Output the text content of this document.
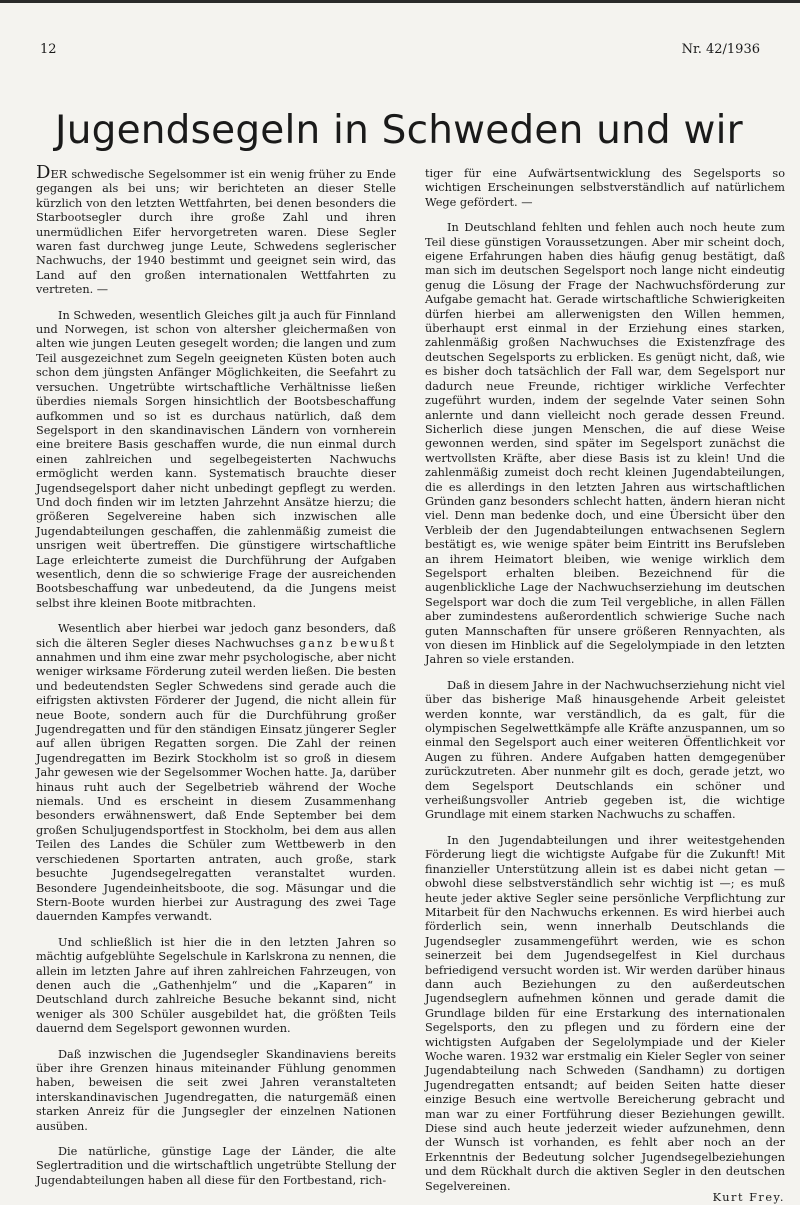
12	Nr. 42/1936
Jugendsegeln in Schweden und wir

DER schwedische Segelsommer ist ein wenig früher zu Ende gegangen als bei uns; wir berichteten an dieser Stelle kürzlich von den letzten Wettfahrten, bei denen besonders die Starbootsegler durch ihre große Zahl und ihren unermüdlichen Eifer hervorgetreten waren. Diese Segler waren fast durchweg junge Leute, Schwedens seglerischer Nachwuchs, der 1940 bestimmt und geeignet sein wird, das Land auf den großen internationalen Wettfahrten zu vertreten. —

In Schweden, wesentlich Gleiches gilt ja auch für Finnland und Norwegen, ist schon von altersher gleichermaßen von alten wie jungen Leuten gesegelt worden; die langen und zum Teil ausgezeichnet zum Segeln geeigneten Küsten boten auch schon dem jüngsten Anfänger Möglichkeiten, die Seefahrt zu versuchen. Ungetrübte wirtschaftliche Verhältnisse ließen überdies niemals Sorgen hinsichtlich der Bootsbeschaffung aufkommen und so ist es durchaus natürlich, daß dem Segelsport in den skandinavischen Ländern von vornherein eine breitere Basis geschaffen wurde, die nun einmal durch einen zahlreichen und segelbegeisterten Nachwuchs ermöglicht werden kann. Systematisch brauchte dieser Jugendsegelsport daher nicht unbedingt gepflegt zu werden. Und doch finden wir im letzten Jahrzehnt Ansätze hierzu; die größeren Segelvereine haben sich inzwischen alle Jugendabteilungen geschaffen, die zahlenmäßig zumeist die unsrigen weit übertreffen. Die günstigere wirtschaftliche Lage erleichterte zumeist die Durchführung der Aufgaben wesentlich, denn die so schwierige Frage der ausreichenden Bootsbeschaffung war unbedeutend, da die Jungens meist selbst ihre kleinen Boote mitbrachten.

Wesentlich aber hierbei war jedoch ganz besonders, daß sich die älteren Segler dieses Nachwuchses ganz bewußt annahmen und ihm eine zwar mehr psychologische, aber nicht weniger wirksame Förderung zuteil werden ließen. Die besten und bedeutendsten Segler Schwedens sind gerade auch die eifrigsten aktivsten Förderer der Jugend, die nicht allein für neue Boote, sondern auch für die Durchführung großer Jugendregatten und für den ständigen Einsatz jüngerer Segler auf allen übrigen Regatten sorgen. Die Zahl der reinen Jugendregatten im Bezirk Stockholm ist so groß in diesem Jahr gewesen wie der Segelsommer Wochen hatte. Ja, darüber hinaus ruht auch der Segelbetrieb während der Woche niemals. Und es erscheint in diesem Zusammenhang besonders erwähnenswert, daß Ende September bei dem großen Schuljugendsportfest in Stockholm, bei dem aus allen Teilen des Landes die Schüler zum Wettbewerb in den verschiedenen Sportarten antraten, auch große, stark besuchte Jugendsegelregatten veranstaltet wurden. Besondere Jugendeinheitsboote, die sog. Mäsungar und die Stern-Boote wurden hierbei zur Austragung des zwei Tage dauernden Kampfes verwandt.

Und schließlich ist hier die in den letzten Jahren so mächtig aufgeblühte Segelschule in Karlskrona zu nennen, die allein im letzten Jahre auf ihren zahlreichen Fahrzeugen, von denen auch die „Gathenhjelm“ und die „Kaparen“ in Deutschland durch zahlreiche Besuche bekannt sind, nicht weniger als 300 Schüler ausgebildet hat, die größten Teils dauernd dem Segelsport gewonnen wurden.

Daß inzwischen die Jugendsegler Skandinaviens bereits über ihre Grenzen hinaus miteinander Fühlung genommen haben, beweisen die seit zwei Jahren veranstalteten interskandinavischen Jugendregatten, die naturgemäß einen starken Anreiz für die Jungsegler der einzelnen Nationen ausüben.

Die natürliche, günstige Lage der Länder, die alte Seglertradition und die wirtschaftlich ungetrübte Stellung der Jugendabteilungen haben all diese für den Fortbestand, rich-

tiger für eine Aufwärtsentwicklung des Segelsports so wichtigen Erscheinungen selbstverständlich auf natürlichem Wege gefördert. —

In Deutschland fehlten und fehlen auch noch heute zum Teil diese günstigen Voraussetzungen. Aber mir scheint doch, eigene Erfahrungen haben dies häufig genug bestätigt, daß man sich im deutschen Segelsport noch lange nicht eindeutig genug die Lösung der Frage der Nachwuchsförderung zur Aufgabe gemacht hat. Gerade wirtschaftliche Schwierigkeiten dürfen hierbei am allerwenigsten den Willen hemmen, überhaupt erst einmal in der Erziehung eines starken, zahlenmäßig großen Nachwuchses die Existenzfrage des deutschen Segelsports zu erblicken. Es genügt nicht, daß, wie es bisher doch tatsächlich der Fall war, dem Segelsport nur dadurch neue Freunde, richtiger wirkliche Verfechter zugeführt wurden, indem der segelnde Vater seinen Sohn anlernte und dann vielleicht noch gerade dessen Freund. Sicherlich diese jungen Menschen, die auf diese Weise gewonnen werden, sind später im Segelsport zunächst die wertvollsten Kräfte, aber diese Basis ist zu klein! Und die zahlenmäßig zumeist doch recht kleinen Jugendabteilungen, die es allerdings in den letzten Jahren aus wirtschaftlichen Gründen ganz besonders schlecht hatten, ändern hieran nicht viel. Denn man bedenke doch, und eine Übersicht über den Verbleib der den Jugendabteilungen entwachsenen Seglern bestätigt es, wie wenige später beim Eintritt ins Berufsleben an ihrem Heimatort bleiben, wie wenige wirklich dem Segelsport erhalten bleiben. Bezeichnend für die augenblickliche Lage der Nachwuchserziehung im deutschen Segelsport war doch die zum Teil vergebliche, in allen Fällen aber zumindestens außerordentlich schwierige Suche nach guten Mannschaften für unsere größeren Rennyachten, als von diesen im Hinblick auf die Segelolympiade in den letzten Jahren so viele erstanden.

Daß in diesem Jahre in der Nachwuchserziehung nicht viel über das bisherige Maß hinausgehende Arbeit geleistet werden konnte, war verständlich, da es galt, für die olympischen Segelwettkämpfe alle Kräfte anzuspannen, um so einmal den Segelsport auch einer weiteren Öffentlichkeit vor Augen zu führen. Andere Aufgaben hatten demgegenüber zurückzutreten. Aber nunmehr gilt es doch, gerade jetzt, wo dem Segelsport Deutschlands ein schöner und verheißungsvoller Antrieb gegeben ist, die wichtige Grundlage mit einem starken Nachwuchs zu schaffen.

In den Jugendabteilungen und ihrer weitestgehenden Förderung liegt die wichtigste Aufgabe für die Zukunft! Mit finanzieller Unterstützung allein ist es dabei nicht getan — obwohl diese selbstverständlich sehr wichtig ist —; es muß heute jeder aktive Segler seine persönliche Verpflichtung zur Mitarbeit für den Nachwuchs erkennen. Es wird hierbei auch förderlich sein, wenn innerhalb Deutschlands die Jugendsegler zusammengeführt werden, wie es schon seinerzeit bei dem Jugendsegelfest in Kiel durchaus befriedigend versucht worden ist. Wir werden darüber hinaus dann auch Beziehungen zu den außerdeutschen Jugendseglern aufnehmen können und gerade damit die Grundlage bilden für eine Erstarkung des internationalen Segelsports, den zu pflegen und zu fördern eine der wichtigsten Aufgaben der Segelolympiade und der Kieler Woche waren. 1932 war erstmalig ein Kieler Segler von seiner Jugendabteilung nach Schweden (Sandhamn) zu dortigen Jugendregatten entsandt; auf beiden Seiten hatte dieser einzige Besuch eine wertvolle Bereicherung gebracht und man war zu einer Fortführung dieser Beziehungen gewillt. Diese sind auch heute jederzeit wieder aufzunehmen, denn der Wunsch ist vorhanden, es fehlt aber noch an der Erkenntnis der Bedeutung solcher Jugendsegelbeziehungen und dem Rückhalt durch die aktiven Segler in den deutschen Segelvereinen.

Kurt Frey.
